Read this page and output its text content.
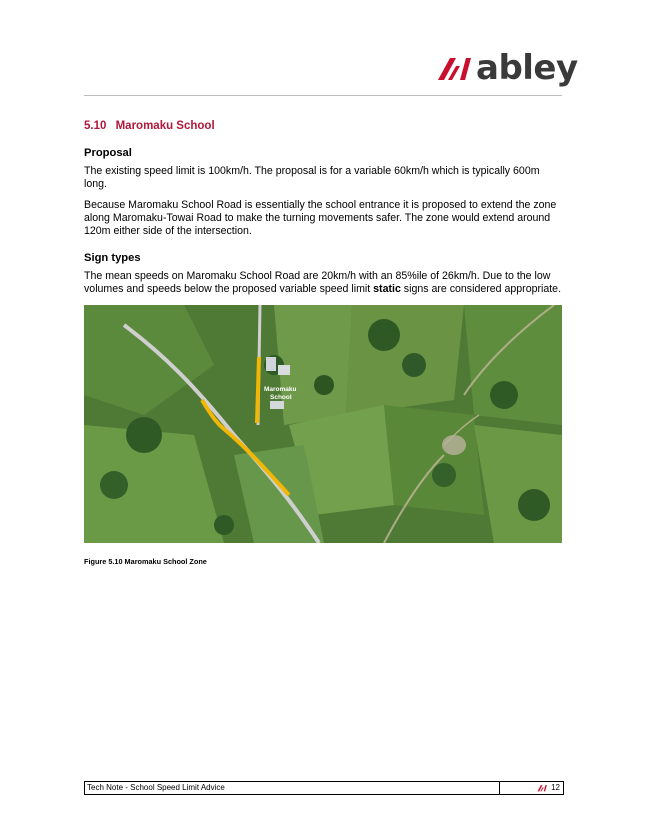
abley
5.10 Maromaku School
Proposal

The existing speed limit is 100km/h. The proposal is for a variable 60km/h which is typically 600m long.

Because Maromaku School Road is essentially the school entrance it is proposed to extend the zone along Maromaku-Towai Road to make the turning movements safer. The zone would extend around 120m either side of the intersection.

Sign types

The mean speeds on Maromaku School Road are 20km/h with an 85%ile of 26km/h. Due to the low volumes and speeds below the proposed variable speed limit static signs are considered appropriate.

Maromaku
School
Figure 5.10 Maromaku School Zone
Tech Note - School Speed Limit Advice	12
